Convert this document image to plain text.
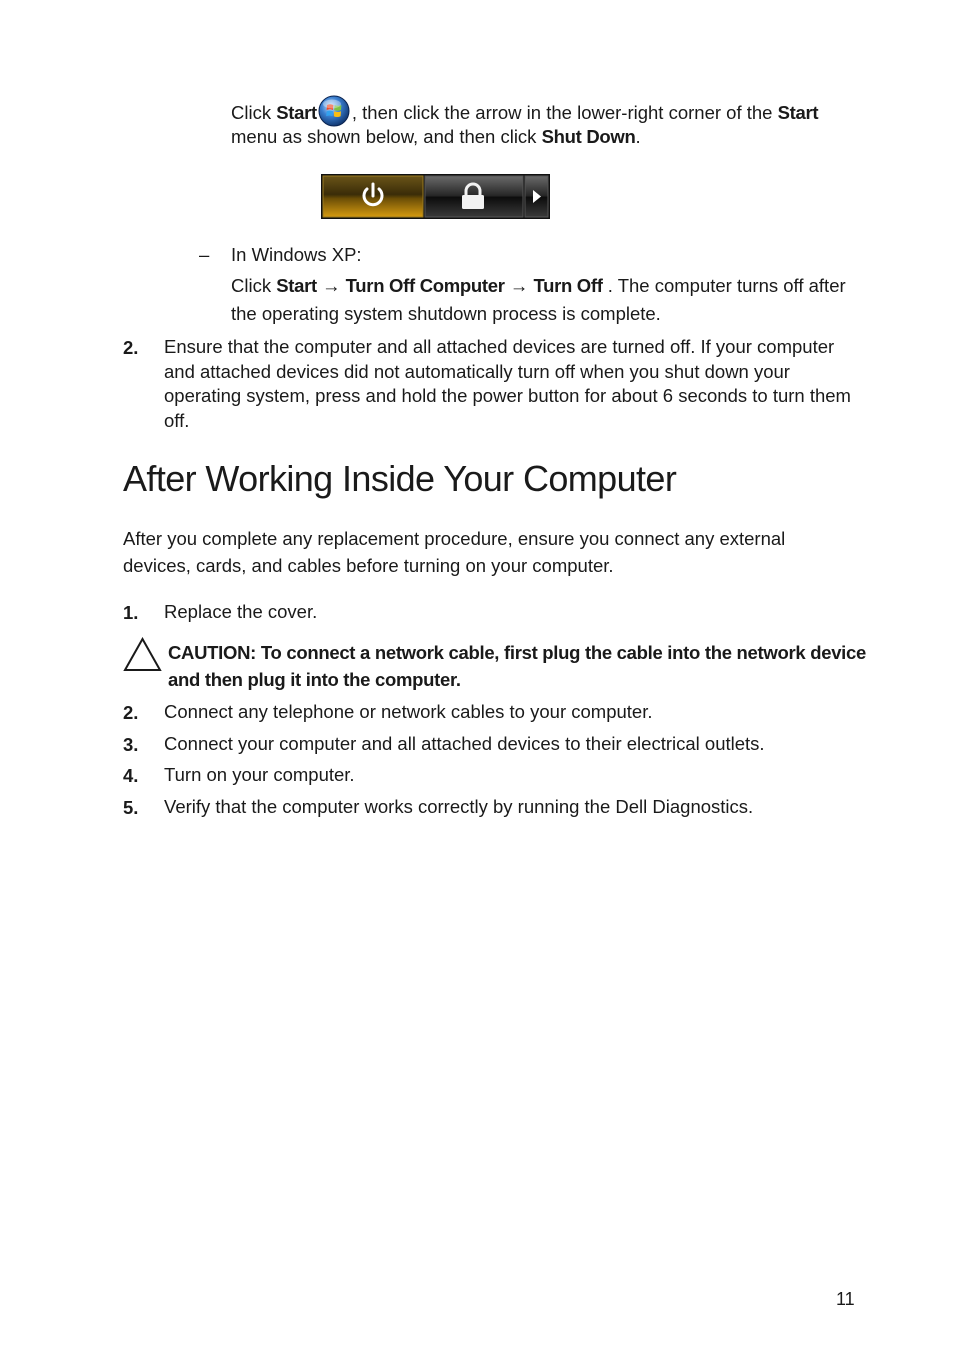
Click Start , then click the arrow in the lower-right corner of the Start
menu as shown below, and then click Shut Down.
– In Windows XP:
Click Start → Turn Off Computer → Turn Off . The computer turns off after
the operating system shutdown process is complete.
2. Ensure that the computer and all attached devices are turned off. If your computer and attached devices did not automatically turn off when you shut down your operating system, press and hold the power button for about 6 seconds to turn them off.
After Working Inside Your Computer
After you complete any replacement procedure, ensure you connect any external devices, cards, and cables before turning on your computer.
1. Replace the cover.
CAUTION: To connect a network cable, first plug the cable into the network device and then plug it into the computer.
2. Connect any telephone or network cables to your computer.
3. Connect your computer and all attached devices to their electrical outlets.
4. Turn on your computer.
5. Verify that the computer works correctly by running the Dell Diagnostics.
11
